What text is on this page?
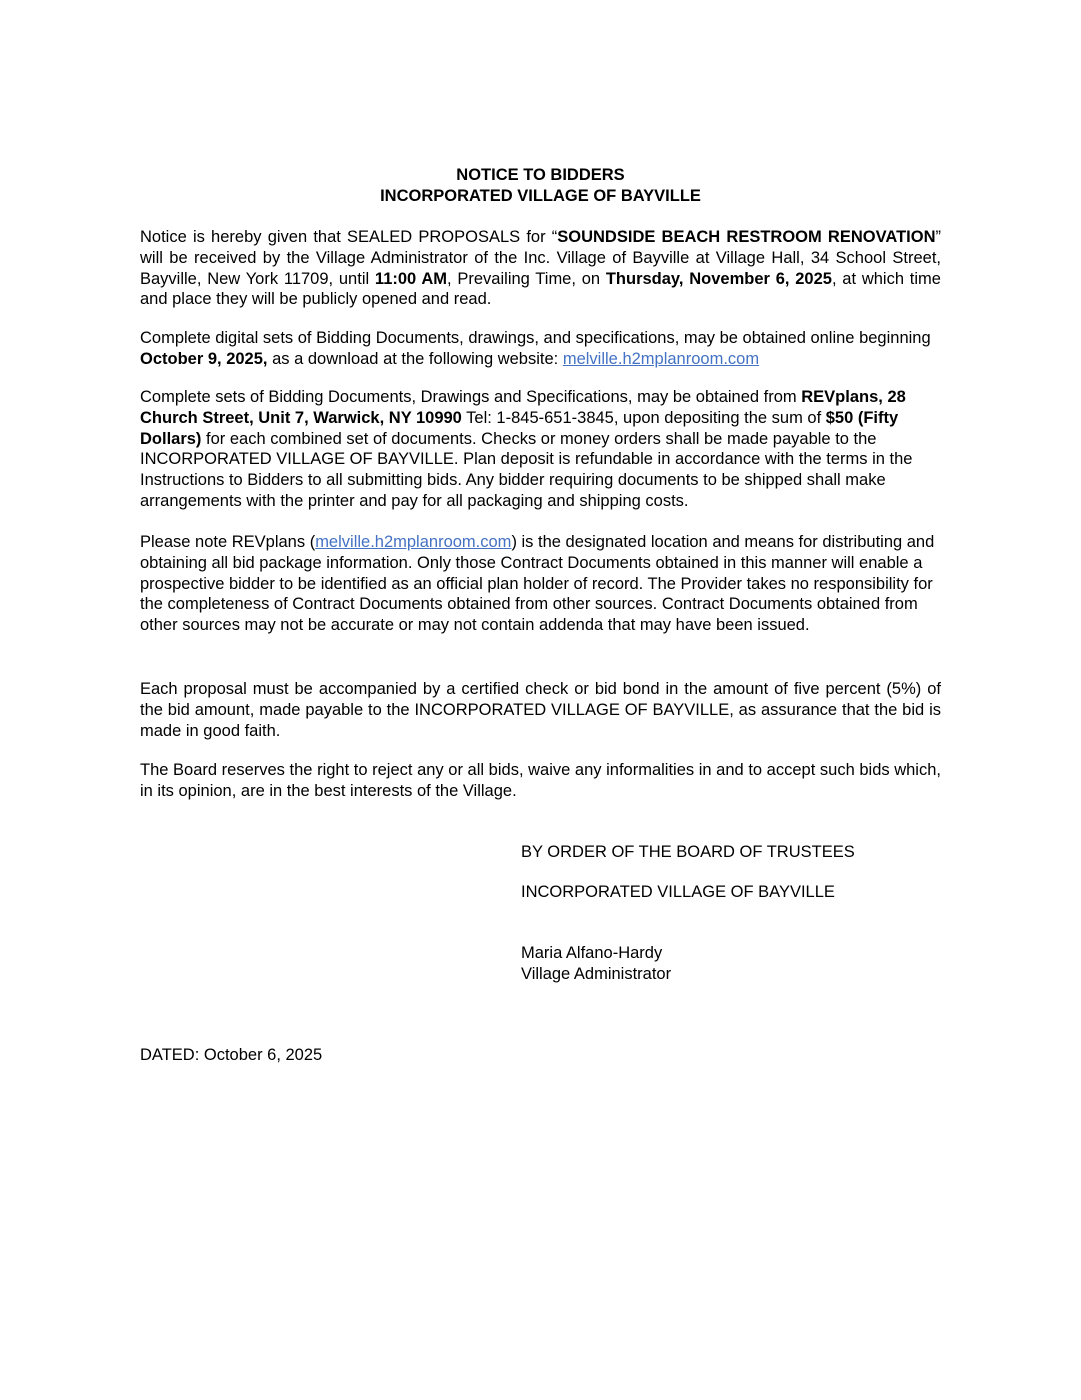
NOTICE TO BIDDERS
INCORPORATED VILLAGE OF BAYVILLE

Notice is hereby given that SEALED PROPOSALS for “SOUNDSIDE BEACH RESTROOM RENOVATION” will be received by the Village Administrator of the Inc. Village of Bayville at Village Hall, 34 School Street, Bayville, New York 11709, until 11:00 AM, Prevailing Time, on Thursday, November 6, 2025, at which time and place they will be publicly opened and read.

Complete digital sets of Bidding Documents, drawings, and specifications, may be obtained online beginning October 9, 2025, as a download at the following website: melville.h2mplanroom.com

Complete sets of Bidding Documents, Drawings and Specifications, may be obtained from REVplans, 28 Church Street, Unit 7, Warwick, NY 10990 Tel: 1-845-651-3845, upon depositing the sum of $50 (Fifty Dollars) for each combined set of documents. Checks or money orders shall be made payable to the INCORPORATED VILLAGE OF BAYVILLE. Plan deposit is refundable in accordance with the terms in the Instructions to Bidders to all submitting bids. Any bidder requiring documents to be shipped shall make arrangements with the printer and pay for all packaging and shipping costs.

Please note REVplans (melville.h2mplanroom.com) is the designated location and means for distributing and obtaining all bid package information. Only those Contract Documents obtained in this manner will enable a prospective bidder to be identified as an official plan holder of record. The Provider takes no responsibility for the completeness of Contract Documents obtained from other sources. Contract Documents obtained from other sources may not be accurate or may not contain addenda that may have been issued.

Each proposal must be accompanied by a certified check or bid bond in the amount of five percent (5%) of the bid amount, made payable to the INCORPORATED VILLAGE OF BAYVILLE, as assurance that the bid is made in good faith.

The Board reserves the right to reject any or all bids, waive any informalities in and to accept such bids which, in its opinion, are in the best interests of the Village.

BY ORDER OF THE BOARD OF TRUSTEES
INCORPORATED VILLAGE OF BAYVILLE
Maria Alfano-Hardy
Village Administrator
DATED: October 6, 2025
